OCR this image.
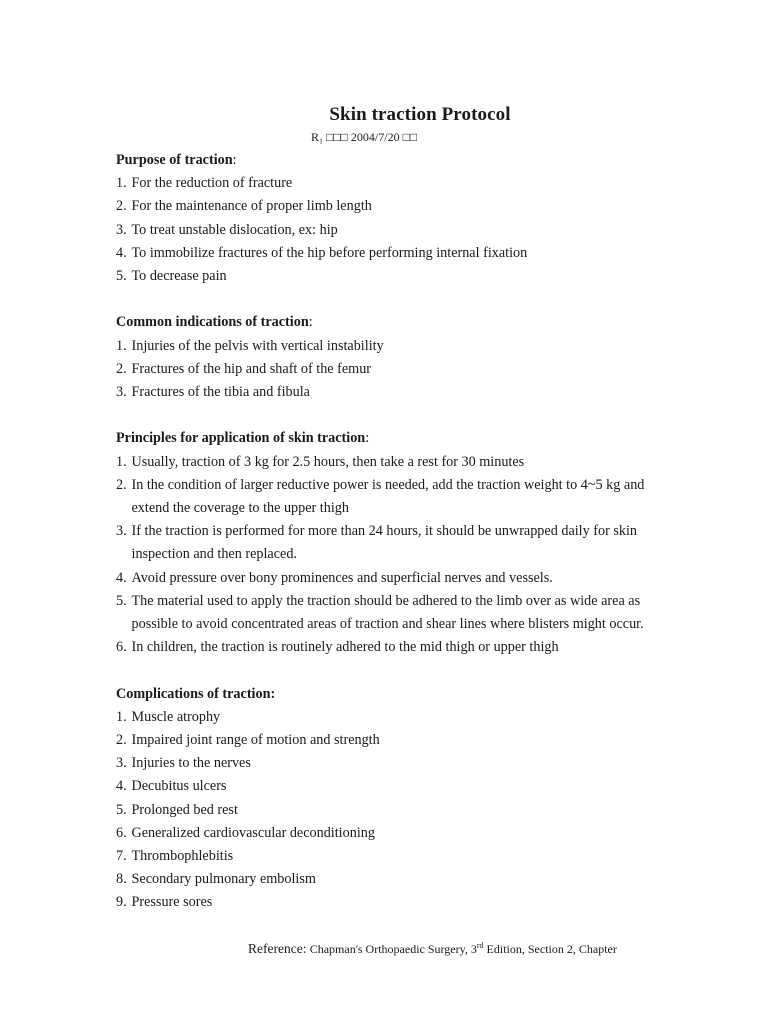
Skin traction Protocol
R₁ □□□ 2004/7/20 □□
Purpose of traction:
1. For the reduction of fracture
2. For the maintenance of proper limb length
3. To treat unstable dislocation, ex: hip
4. To immobilize fractures of the hip before performing internal fixation
5. To decrease pain
Common indications of traction:
1. Injuries of the pelvis with vertical instability
2. Fractures of the hip and shaft of the femur
3. Fractures of the tibia and fibula
Principles for application of skin traction:
1. Usually, traction of 3 kg for 2.5 hours, then take a rest for 30 minutes
2. In the condition of larger reductive power is needed, add the traction weight to 4~5 kg and extend the coverage to the upper thigh
3. If the traction is performed for more than 24 hours, it should be unwrapped daily for skin inspection and then replaced.
4. Avoid pressure over bony prominences and superficial nerves and vessels.
5. The material used to apply the traction should be adhered to the limb over as wide area as possible to avoid concentrated areas of traction and shear lines where blisters might occur.
6. In children, the traction is routinely adhered to the mid thigh or upper thigh
Complications of traction:
1. Muscle atrophy
2. Impaired joint range of motion and strength
3. Injuries to the nerves
4. Decubitus ulcers
5. Prolonged bed rest
6. Generalized cardiovascular deconditioning
7. Thrombophlebitis
8. Secondary pulmonary embolism
9. Pressure sores
Reference: Chapman's Orthopaedic Surgery, 3rd Edition, Section 2, Chapter
